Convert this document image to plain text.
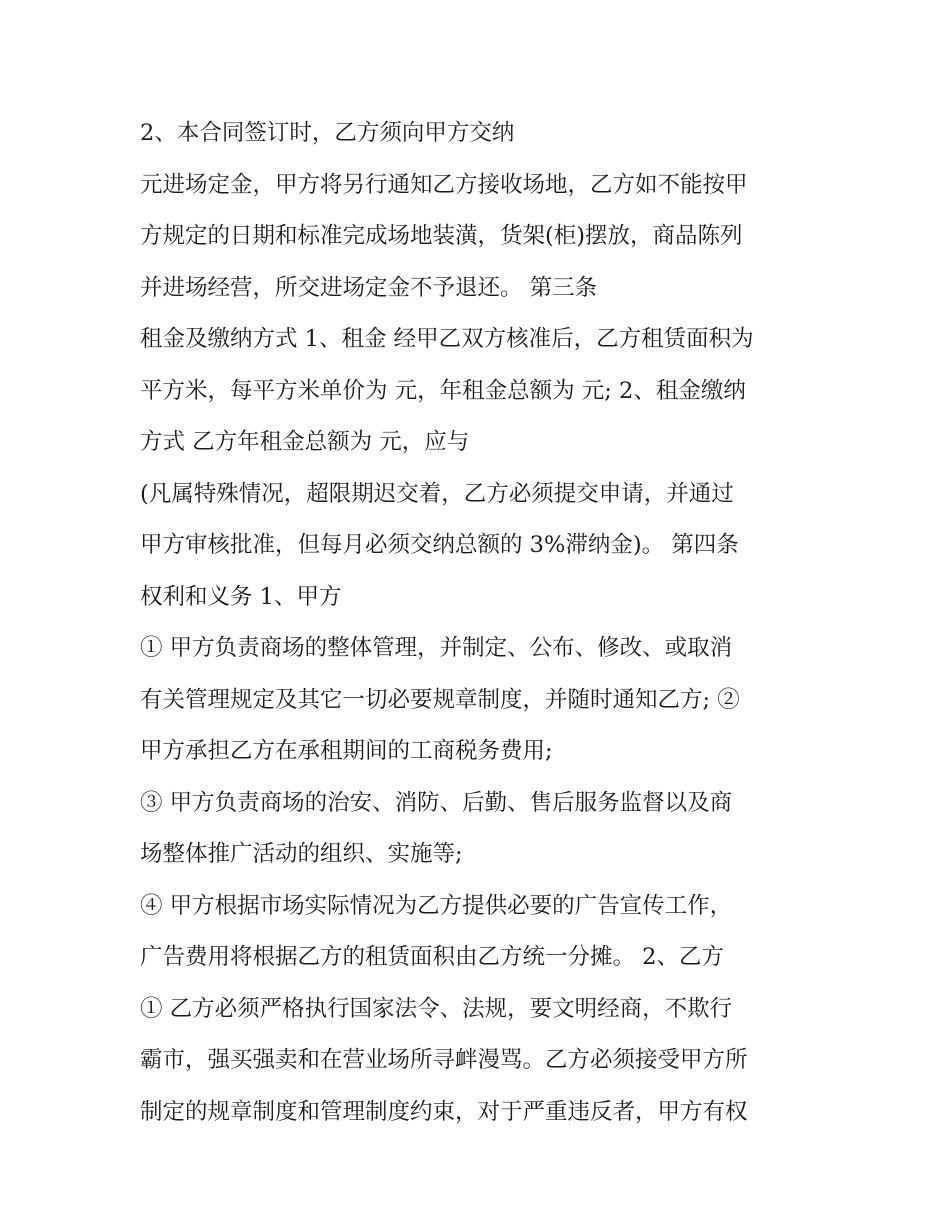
2、本合同签订时，乙方须向甲方交纳
元进场定金，甲方将另行通知乙方接收场地，乙方如不能按甲
方规定的日期和标准完成场地装潢，货架(柜)摆放，商品陈列
并进场经营，所交进场定金不予退还。 第三条
租金及缴纳方式 1、租金 经甲乙双方核准后，乙方租赁面积为
平方米，每平方米单价为 元，年租金总额为 元; 2、租金缴纳
方式 乙方年租金总额为 元，应与
(凡属特殊情况，超限期迟交着，乙方必须提交申请，并通过
甲方审核批准，但每月必须交纳总额的 3%滞纳金)。 第四条
权利和义务 1、甲方
① 甲方负责商场的整体管理，并制定、公布、修改、或取消
有关管理规定及其它一切必要规章制度，并随时通知乙方; ②
甲方承担乙方在承租期间的工商税务费用;
③ 甲方负责商场的治安、消防、后勤、售后服务监督以及商
场整体推广活动的组织、实施等;
④ 甲方根据市场实际情况为乙方提供必要的广告宣传工作，
广告费用将根据乙方的租赁面积由乙方统一分摊。 2、乙方
① 乙方必须严格执行国家法令、法规，要文明经商，不欺行
霸市，强买强卖和在营业场所寻衅漫骂。乙方必须接受甲方所
制定的规章制度和管理制度约束，对于严重违反者，甲方有权
